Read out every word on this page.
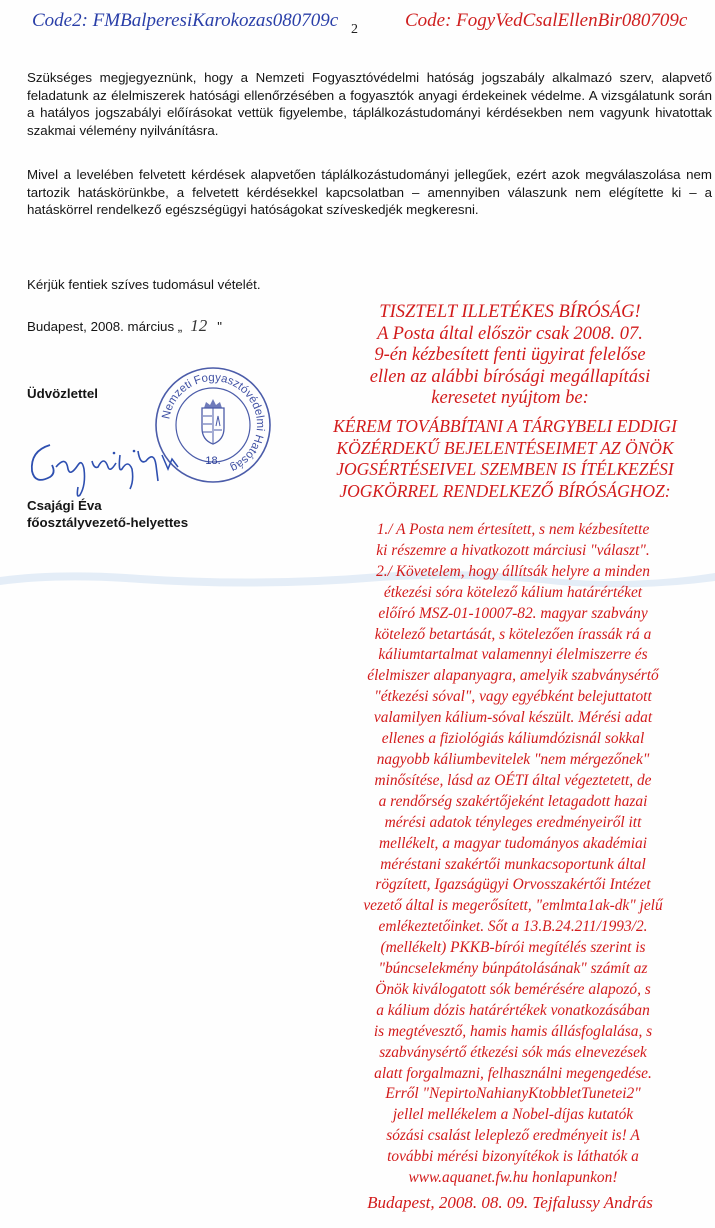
Code2: FMBalperesiKarokozas080709c 2 Code: FogyVedCsalEllenBir080709c

Szükséges megjegyeznünk, hogy a Nemzeti Fogyasztóvédelmi hatóság jogszabály alkalmazó szerv, alapvető feladatunk az élelmiszerek hatósági ellenőrzésében a fogyasztók anyagi érdekeinek védelme. A vizsgálatunk során a hatályos jogszabályi előírásokat vettük figyelembe, táplálkozástudományi kérdésekben nem vagyunk hivatottak szakmai vélemény nyilvánításra.

Mivel a levelében felvetett kérdések alapvetően táplálkozástudományi jellegűek, ezért azok megválaszolása nem tartozik hatáskörünkbe, a felvetett kérdésekkel kapcsolatban – amennyiben válaszunk nem elégítette ki – a hatáskörrel rendelkező egészségügyi hatóságokat szíveskedjék megkeresni.

Kérjük fentiek szíves tudomásul vételét.

Budapest, 2008. március „ 12 "
Üdvözlettel
Nemzeti Fogyasztóvédelmi Hatóság
18.
Csajági Éva
főosztályvezető-helyettes
TISZTELT ILLETÉKES BÍRÓSÁG!
A Posta által először csak 2008. 07.
9-én kézbesített fenti ügyirat felelőse
ellen az alábbi bírósági megállapítási
keresetet nyújtom be:
KÉREM TOVÁBBÍTANI A TÁRGYBELI EDDIGI
KÖZÉRDEKŰ BEJELENTÉSEIMET AZ ÖNÖK
JOGSÉRTÉSEIVEL SZEMBEN IS ÍTÉLKEZÉSI
JOGKÖRREL RENDELKEZŐ BÍRÓSÁGHOZ:
1./ A Posta nem értesített, s nem kézbesítette
ki részemre a hivatkozott márciusi "választ".
2./ Követelem, hogy állítsák helyre a minden
étkezési sóra kötelező kálium határértéket
előíró MSZ-01-10007-82. magyar szabvány
kötelező betartását, s kötelezően írassák rá a
káliumtartalmat valamennyi élelmiszerre és
élelmiszer alapanyagra, amelyik szabványsértő
"étkezési sóval", vagy egyébként belejuttatott
valamilyen kálium-sóval készült. Mérési adat
ellenes a fiziológiás káliumdózisnál sokkal
nagyobb káliumbevitelek "nem mérgezőnek"
minősítése, lásd az OÉTI által végeztetett, de
a rendőrség szakértőjeként letagadott hazai
mérési adatok tényleges eredményeiről itt
mellékelt, a magyar tudományos akadémiai
méréstani szakértői munkacsoportunk által
rögzített, Igazságügyi Orvosszakértői Intézet
vezető által is megerősített, "emlmta1ak-dk" jelű
emlékeztetőinket. Sőt a 13.B.24.211/1993/2.
(mellékelt) PKKB-bírói megítélés szerint is
"búncselekmény búnpátolásának" számít az
Önök kiválogatott sók bemérésére alapozó, s
a kálium dózis határértékek vonatkozásában
is megtévesztő, hamis hamis állásfoglalása, s
szabványsértő étkezési sók más elnevezések
alatt forgalmazni, felhasználni megengedése.
Erről "NepirtoNahianyKtobbletTunetei2"
jellel mellékelem a Nobel-díjas kutatók
sózási csalást leleplező eredményeit is! A
további mérési bizonyítékok is láthatók a
www.aquanet.fw.hu honlapunkon!
Budapest, 2008. 08. 09. Tejfalussy András
